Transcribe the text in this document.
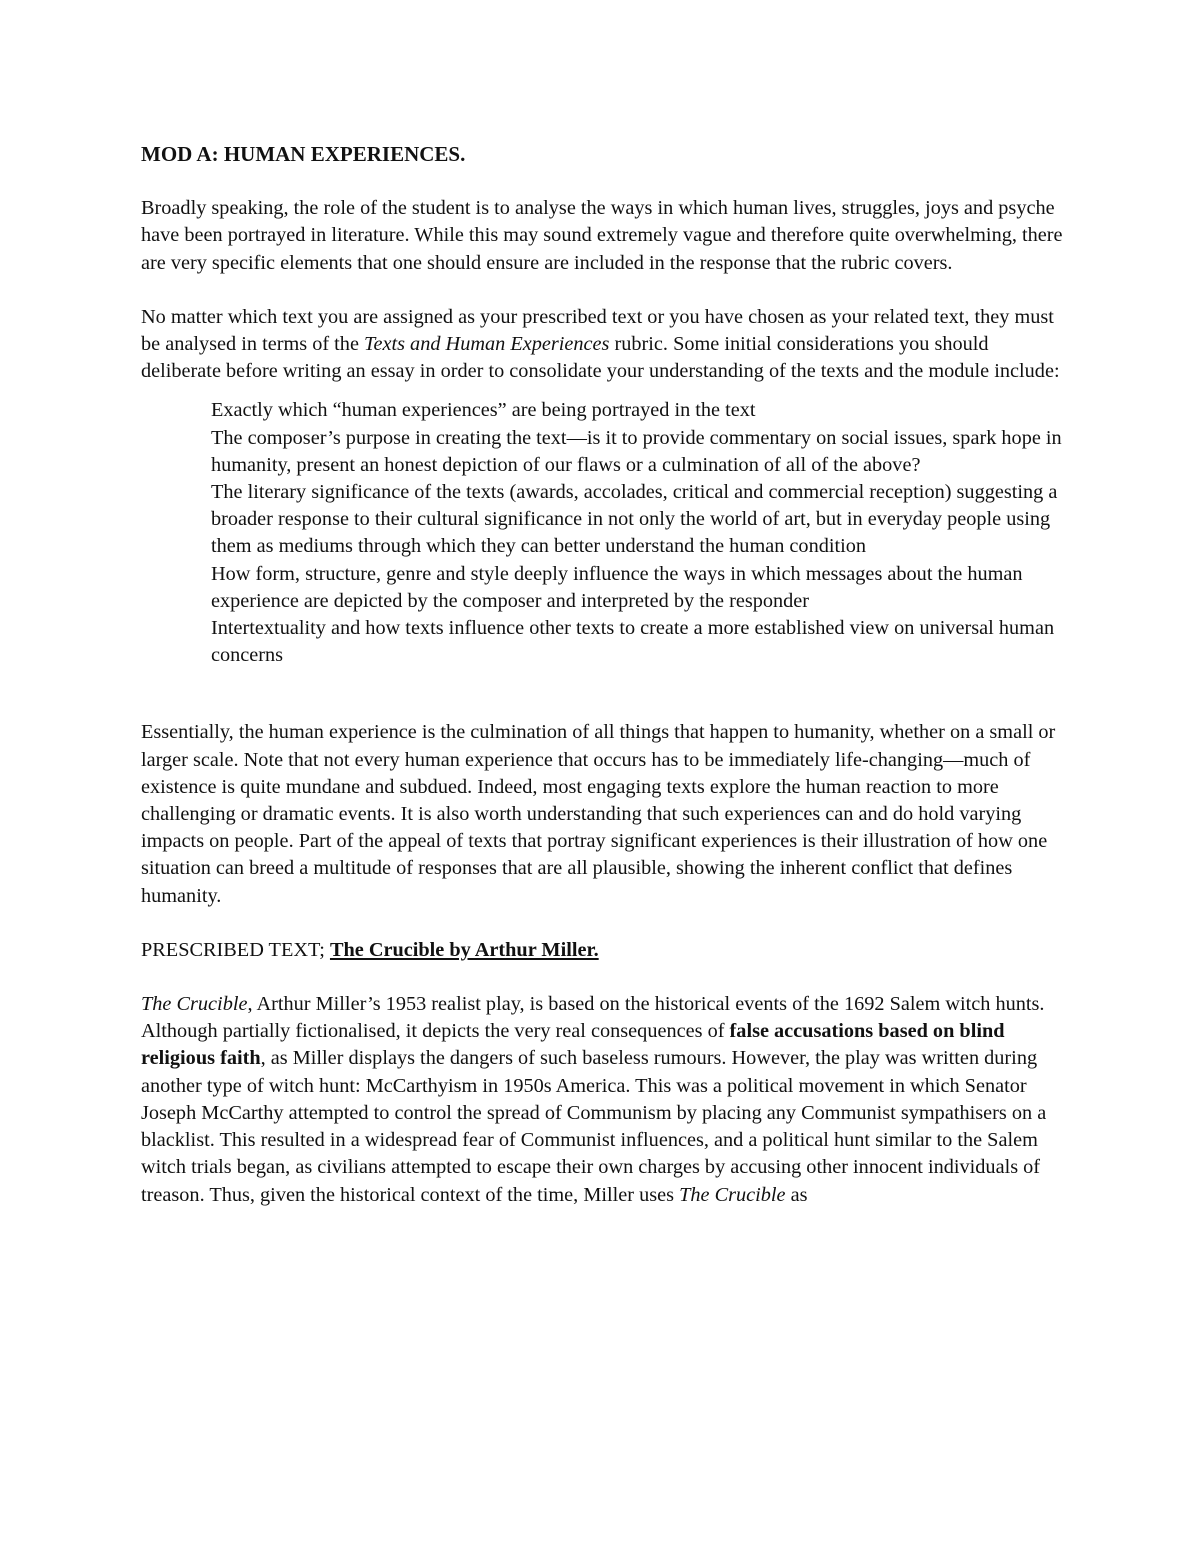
MOD A: HUMAN EXPERIENCES.

Broadly speaking, the role of the student is to analyse the ways in which human lives, struggles, joys and psyche have been portrayed in literature. While this may sound extremely vague and therefore quite overwhelming, there are very specific elements that one should ensure are included in the response that the rubric covers.

No matter which text you are assigned as your prescribed text or you have chosen as your related text, they must be analysed in terms of the Texts and Human Experiences rubric. Some initial considerations you should deliberate before writing an essay in order to consolidate your understanding of the texts and the module include:

Exactly which “human experiences” are being portrayed in the text
The composer’s purpose in creating the text—is it to provide commentary on social issues, spark hope in humanity, present an honest depiction of our flaws or a culmination of all of the above?
The literary significance of the texts (awards, accolades, critical and commercial reception) suggesting a broader response to their cultural significance in not only the world of art, but in everyday people using them as mediums through which they can better understand the human condition
How form, structure, genre and style deeply influence the ways in which messages about the human experience are depicted by the composer and interpreted by the responder
Intertextuality and how texts influence other texts to create a more established view on universal human concerns

Essentially, the human experience is the culmination of all things that happen to humanity, whether on a small or larger scale. Note that not every human experience that occurs has to be immediately life-changing—much of existence is quite mundane and subdued. Indeed, most engaging texts explore the human reaction to more challenging or dramatic events. It is also worth understanding that such experiences can and do hold varying impacts on people. Part of the appeal of texts that portray significant experiences is their illustration of how one situation can breed a multitude of responses that are all plausible, showing the inherent conflict that defines humanity.

PRESCRIBED TEXT; The Crucible by Arthur Miller.

The Crucible, Arthur Miller’s 1953 realist play, is based on the historical events of the 1692 Salem witch hunts. Although partially fictionalised, it depicts the very real consequences of false accusations based on blind religious faith, as Miller displays the dangers of such baseless rumours. However, the play was written during another type of witch hunt: McCarthyism in 1950s America. This was a political movement in which Senator Joseph McCarthy attempted to control the spread of Communism by placing any Communist sympathisers on a blacklist. This resulted in a widespread fear of Communist influences, and a political hunt similar to the Salem witch trials began, as civilians attempted to escape their own charges by accusing other innocent individuals of treason. Thus, given the historical context of the time, Miller uses The Crucible as
